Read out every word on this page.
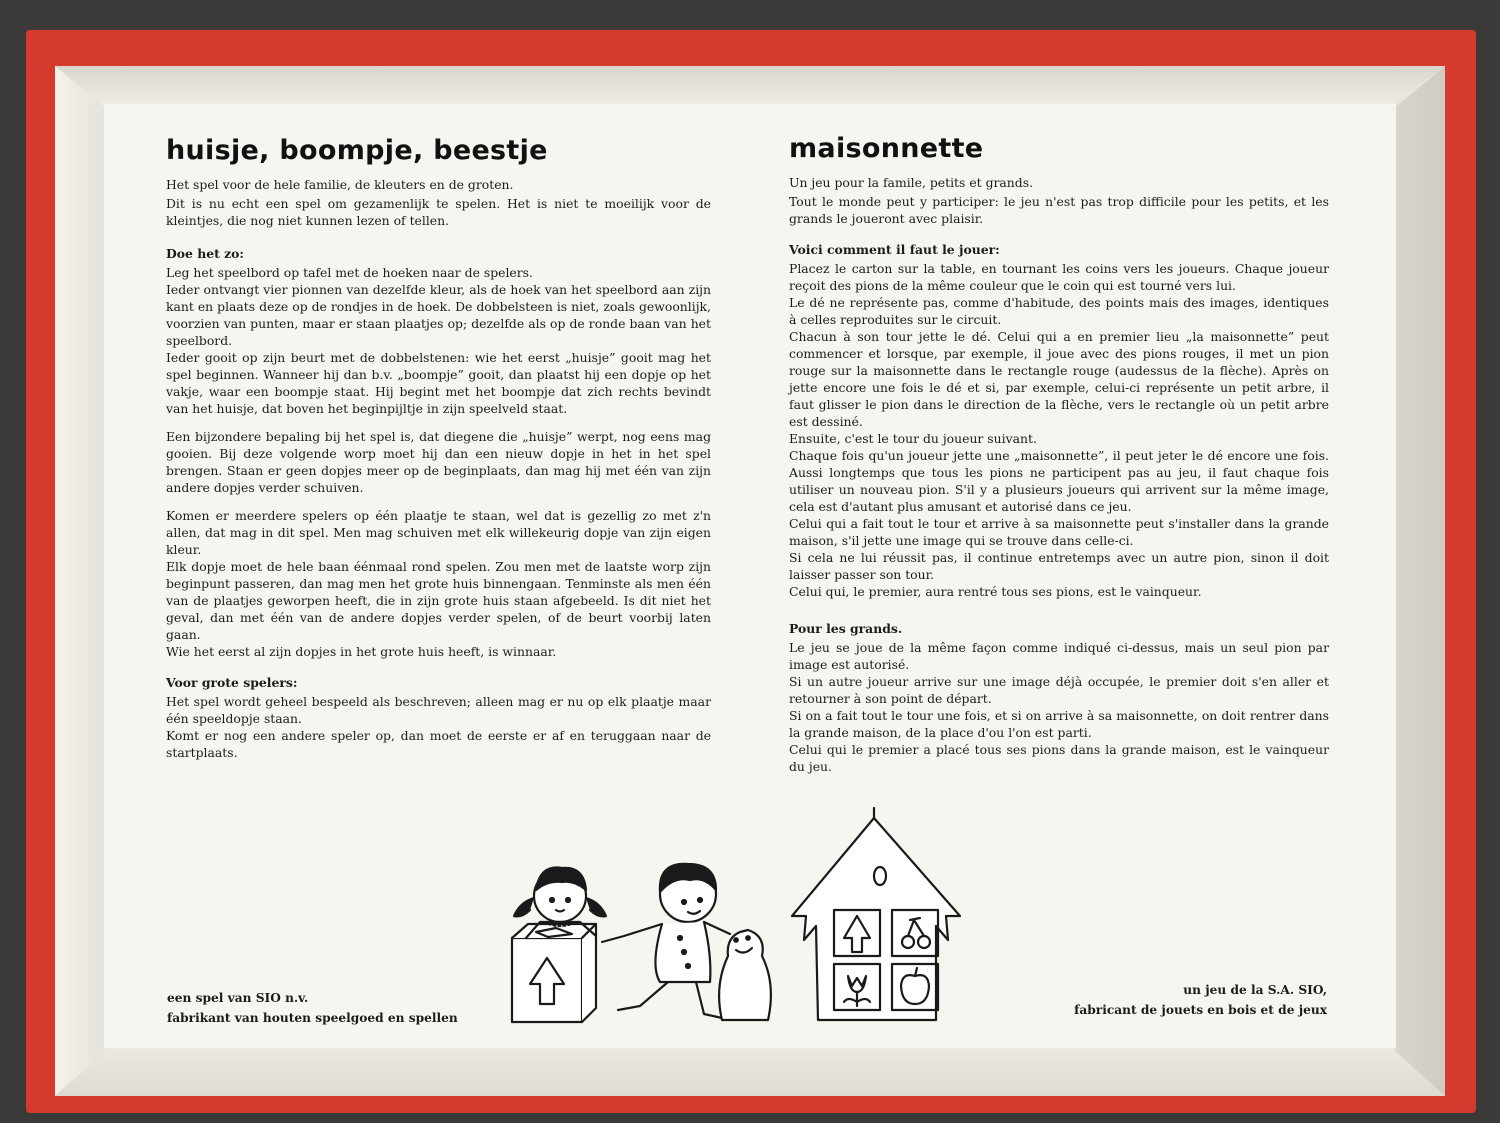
huisje, boompje, beestje

Het spel voor de hele familie, de kleuters en de groten.

Dit is nu echt een spel om gezamenlijk te spelen. Het is niet te moeilijk voor de kleintjes, die nog niet kunnen lezen of tellen.

Doe het zo:

Leg het speelbord op tafel met de hoeken naar de spelers.

Ieder ontvangt vier pionnen van dezelfde kleur, als de hoek van het speelbord aan zijn kant en plaats deze op de rondjes in de hoek. De dobbelsteen is niet, zoals gewoonlijk, voorzien van punten, maar er staan plaatjes op; dezelfde als op de ronde baan van het speelbord.

Ieder gooit op zijn beurt met de dobbelstenen: wie het eerst „huisje” gooit mag het spel beginnen. Wanneer hij dan b.v. „boompje” gooit, dan plaatst hij een dopje op het vakje, waar een boompje staat. Hij begint met het boompje dat zich rechts bevindt van het huisje, dat boven het beginpijltje in zijn speelveld staat.

Een bijzondere bepaling bij het spel is, dat diegene die „huisje” werpt, nog eens mag gooien. Bij deze volgende worp moet hij dan een nieuw dopje in het in het spel brengen. Staan er geen dopjes meer op de beginplaats, dan mag hij met één van zijn andere dopjes verder schuiven.

Komen er meerdere spelers op één plaatje te staan, wel dat is gezellig zo met z'n allen, dat mag in dit spel. Men mag schuiven met elk willekeurig dopje van zijn eigen kleur.

Elk dopje moet de hele baan éénmaal rond spelen. Zou men met de laatste worp zijn beginpunt passeren, dan mag men het grote huis binnengaan. Tenminste als men één van de plaatjes geworpen heeft, die in zijn grote huis staan afgebeeld. Is dit niet het geval, dan met één van de andere dopjes verder spelen, of de beurt voorbij laten gaan.

Wie het eerst al zijn dopjes in het grote huis heeft, is winnaar.

Voor grote spelers:

Het spel wordt geheel bespeeld als beschreven; alleen mag er nu op elk plaatje maar één speeldopje staan.

Komt er nog een andere speler op, dan moet de eerste er af en teruggaan naar de startplaats.

maisonnette

Un jeu pour la famile, petits et grands.

Tout le monde peut y participer: le jeu n'est pas trop difficile pour les petits, et les grands le joueront avec plaisir.

Voici comment il faut le jouer:

Placez le carton sur la table, en tournant les coins vers les joueurs. Chaque joueur reçoit des pions de la même couleur que le coin qui est tourné vers lui.

Le dé ne représente pas, comme d'habitude, des points mais des images, identiques à celles reproduites sur le circuit.

Chacun à son tour jette le dé. Celui qui a en premier lieu „la maisonnette” peut commencer et lorsque, par exemple, il joue avec des pions rouges, il met un pion rouge sur la maisonnette dans le rectangle rouge (audessus de la flèche). Après on jette encore une fois le dé et si, par exemple, celui-ci représente un petit arbre, il faut glisser le pion dans le direction de la flèche, vers le rectangle où un petit arbre est dessiné.

Ensuite, c'est le tour du joueur suivant.

Chaque fois qu'un joueur jette une „maisonnette”, il peut jeter le dé encore une fois. Aussi longtemps que tous les pions ne participent pas au jeu, il faut chaque fois utiliser un nouveau pion. S'il y a plusieurs joueurs qui arrivent sur la même image, cela est d'autant plus amusant et autorisé dans ce jeu.

Celui qui a fait tout le tour et arrive à sa maisonnette peut s'installer dans la grande maison, s'il jette une image qui se trouve dans celle-ci.

Si cela ne lui réussit pas, il continue entretemps avec un autre pion, sinon il doit laisser passer son tour.

Celui qui, le premier, aura rentré tous ses pions, est le vainqueur.

Pour les grands.

Le jeu se joue de la même façon comme indiqué ci-dessus, mais un seul pion par image est autorisé.

Si un autre joueur arrive sur une image déjà occupée, le premier doit s'en aller et retourner à son point de départ.

Si on a fait tout le tour une fois, et si on arrive à sa maisonnette, on doit rentrer dans la grande maison, de la place d'ou l'on est parti.

Celui qui le premier a placé tous ses pions dans la grande maison, est le vainqueur du jeu.

een spel van SIO n.v.
fabrikant van houten speelgoed en spellen
un jeu de la S.A. SIO,
fabricant de jouets en bois et de jeux
